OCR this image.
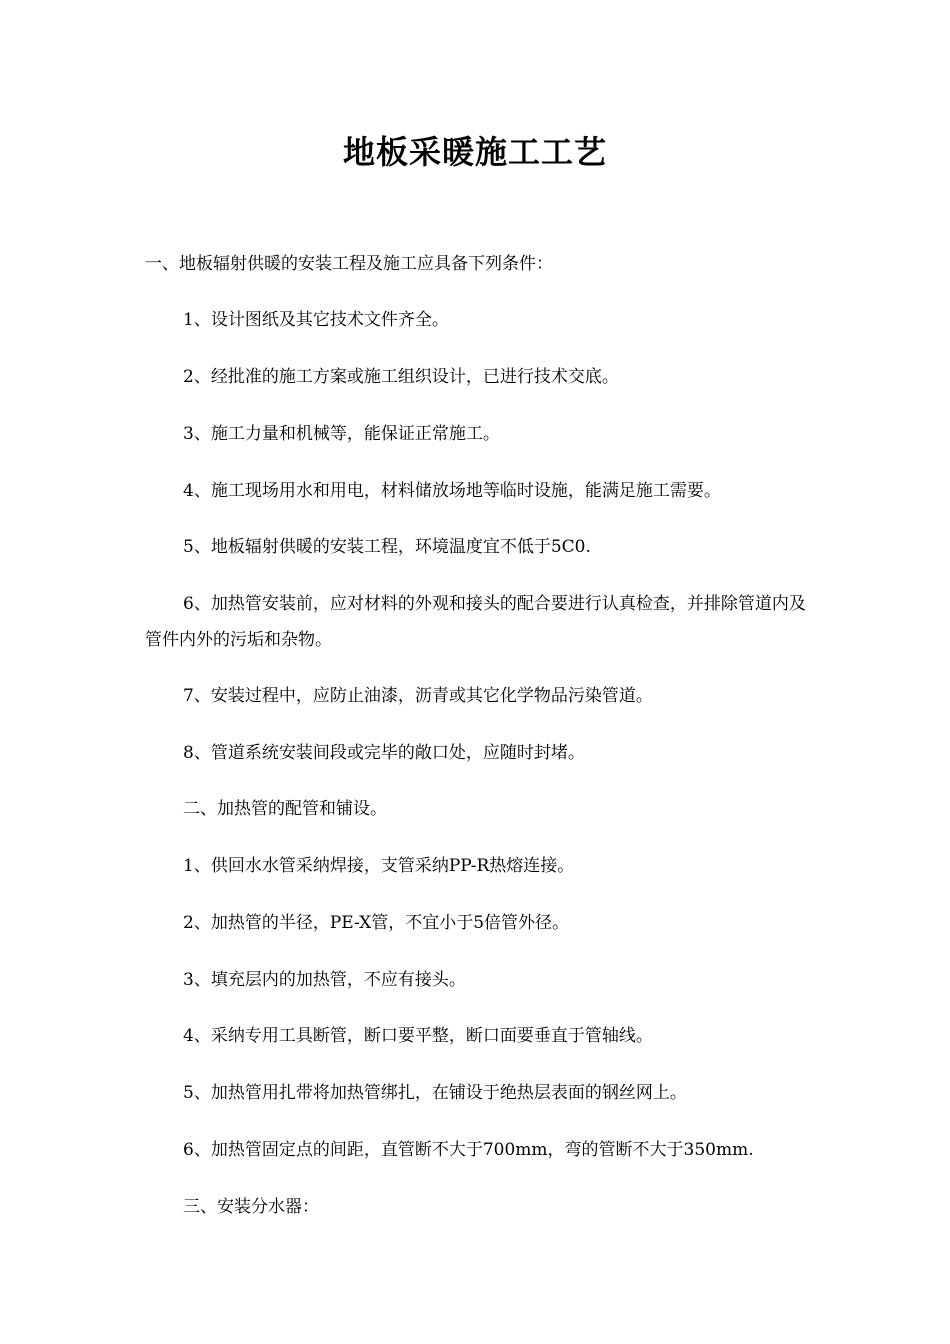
地板采暖施工工艺
一、地板辐射供暖的安装工程及施工应具备下列条件：
1、设计图纸及其它技术文件齐全。
2、经批准的施工方案或施工组织设计，已进行技术交底。
3、施工力量和机械等，能保证正常施工。
4、施工现场用水和用电，材料储放场地等临时设施，能满足施工需要。
5、地板辐射供暖的安装工程，环境温度宜不低于5C0.
6、加热管安装前，应对材料的外观和接头的配合要进行认真检查，并排除管道内及管件内外的污垢和杂物。
7、安装过程中，应防止油漆，沥青或其它化学物品污染管道。
8、管道系统安装间段或完毕的敞口处，应随时封堵。
二、加热管的配管和铺设。
1、供回水水管采纳焊接，支管采纳PP-R热熔连接。
2、加热管的半径，PE-X管，不宜小于5倍管外径。
3、填充层内的加热管，不应有接头。
4、采纳专用工具断管，断口要平整，断口面要垂直于管轴线。
5、加热管用扎带将加热管绑扎，在铺设于绝热层表面的钢丝网上。
6、加热管固定点的间距，直管断不大于700mm，弯的管断不大于350mm.
三、安装分水器：
